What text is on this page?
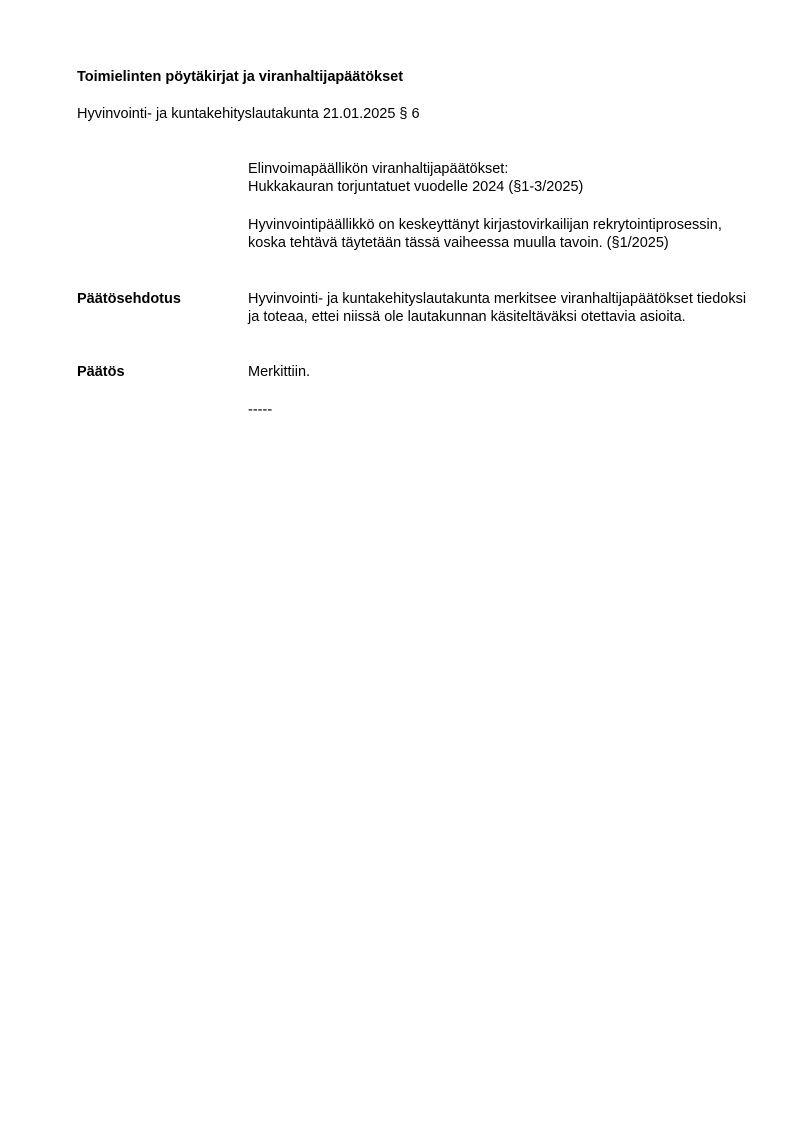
Toimielinten pöytäkirjat ja viranhaltijapäätökset
Hyvinvointi- ja kuntakehityslautakunta 21.01.2025 § 6

Elinvoimapäällikön viranhaltijapäätökset:

Hukkakauran torjuntatuet vuodelle 2024 (§1-3/2025)

Hyvinvointipäällikkö on keskeyttänyt kirjastovirkailijan rekrytointiprosessin, koska tehtävä täytetään tässä vaiheessa muulla tavoin. (§1/2025)

Päätösehdotus	Hyvinvointi- ja kuntakehityslautakunta merkitsee viranhaltijapäätökset tiedoksi ja toteaa, ettei niissä ole lautakunnan käsiteltäväksi otettavia asioita.

Päätös	Merkittiin.

-----
